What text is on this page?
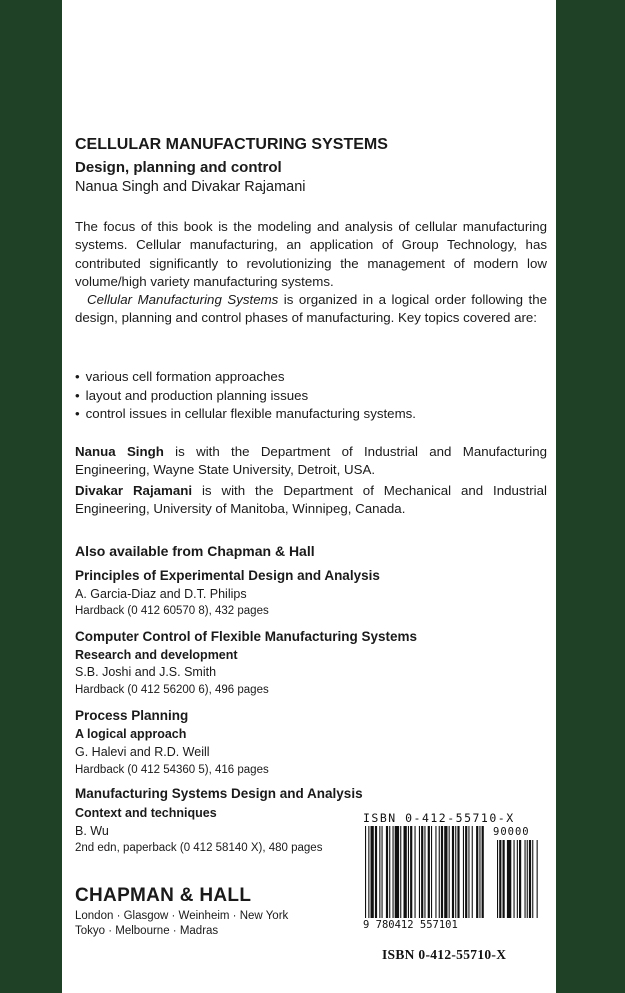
CELLULAR MANUFACTURING SYSTEMS

Design, planning and control

Nanua Singh and Divakar Rajamani

The focus of this book is the modeling and analysis of cellular manufacturing systems. Cellular manufacturing, an application of Group Technology, has contributed significantly to revolutionizing the management of modern low volume/high variety manufacturing systems.

Cellular Manufacturing Systems is organized in a logical order following the design, planning and control phases of manufacturing. Key topics covered are:

• various cell formation approaches
• layout and production planning issues
• control issues in cellular flexible manufacturing systems.

Nanua Singh is with the Department of Industrial and Manufacturing Engineering, Wayne State University, Detroit, USA.

Divakar Rajamani is with the Department of Mechanical and Industrial Engineering, University of Manitoba, Winnipeg, Canada.

Also available from Chapman & Hall

Principles of Experimental Design and Analysis

A. Garcia-Diaz and D.T. Philips

Hardback (0 412 60570 8), 432 pages

Computer Control of Flexible Manufacturing Systems

Research and development

S.B. Joshi and J.S. Smith

Hardback (0 412 56200 6), 496 pages

Process Planning

A logical approach

G. Halevi and R.D. Weill

Hardback (0 412 54360 5), 416 pages

Manufacturing Systems Design and Analysis

Context and techniques

B. Wu

2nd edn, paperback (0 412 58140 X), 480 pages

CHAPMAN & HALL

London · Glasgow · Weinheim · New York

Tokyo · Melbourne · Madras

ISBN 0-412-55710-X

90000

9 780412 557101

ISBN 0-412-55710-X
